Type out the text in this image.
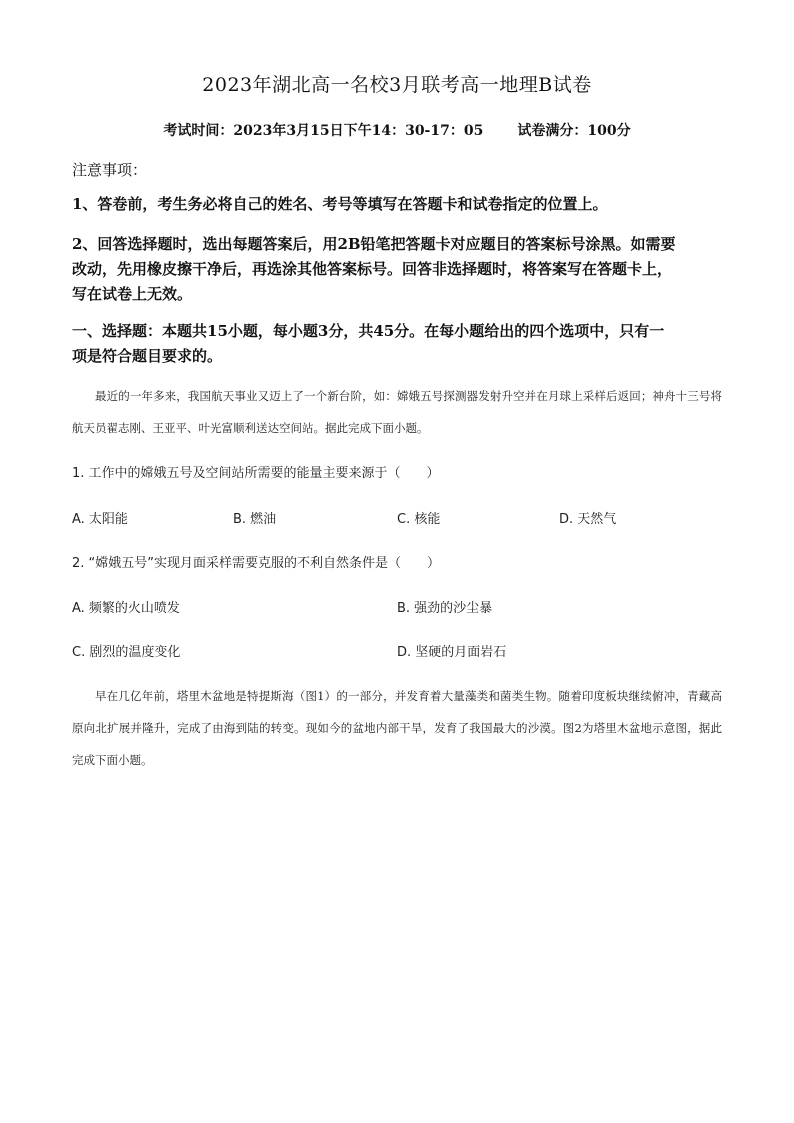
2023年湖北高一名校3月联考高一地理B试卷
考试时间：2023年3月15日下午14：30-17：05 试卷满分：100分
注意事项：
1、答卷前，考生务必将自己的姓名、考号等填写在答题卡和试卷指定的位置上。
2、回答选择题时，选出每题答案后，用2B铅笔把答题卡对应题目的答案标号涂黑。如需要
改动，先用橡皮擦干净后，再选涂其他答案标号。回答非选择题时，将答案写在答题卡上，
写在试卷上无效。
一、选择题：本题共15小题，每小题3分，共45分。在每小题给出的四个选项中，只有一
项是符合题目要求的。
最近的一年多来，我国航天事业又迈上了一个新台阶，如：嫦娥五号探测器发射升空并在月球上采样后返回；神舟十三号将航天员翟志刚、王亚平、叶光富顺利送达空间站。据此完成下面小题。
1. 工作中的嫦娥五号及空间站所需要的能量主要来源于（　　）
A. 太阳能	B. 燃油	C. 核能	D. 天然气
2. “嫦娥五号”实现月面采样需要克服的不利自然条件是（　　）
A. 频繁的火山喷发	B. 强劲的沙尘暴
C. 剧烈的温度变化	D. 坚硬的月面岩石
早在几亿年前，塔里木盆地是特提斯海（图1）的一部分，并发育着大量藻类和菌类生物。随着印度板块继续俯冲，青藏高原向北扩展并隆升，完成了由海到陆的转变。现如今的盆地内部干旱，发育了我国最大的沙漠。图2为塔里木盆地示意图，据此完成下面小题。
